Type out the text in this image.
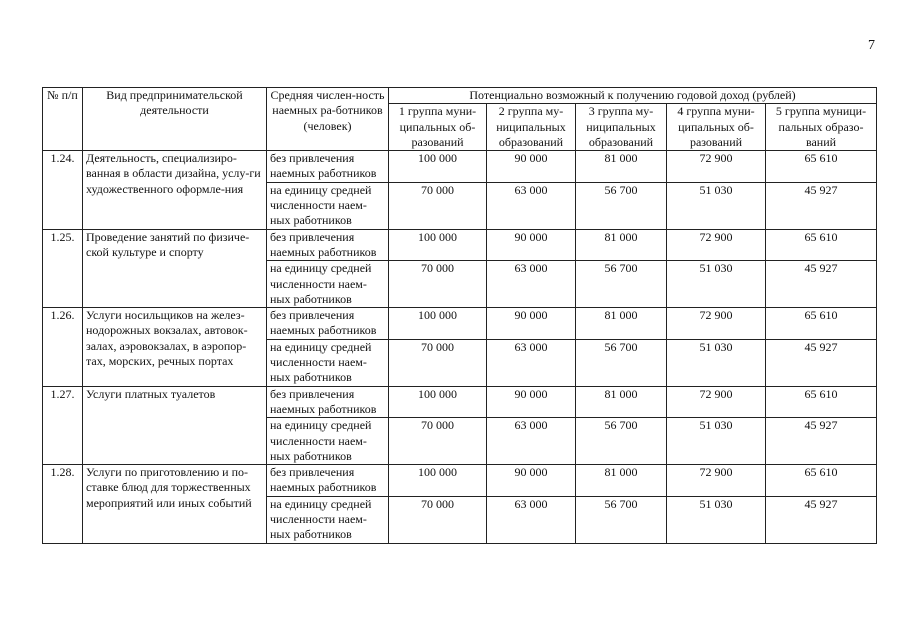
7
№ п/п	Вид предпринимательской деятельности	Средняя числен-ность наемных ра-ботников (человек)	Потенциально возможный к получению годовой доход (рублей)				
			1 группа муни-ципальных об-разований	2 группа му-ниципальных образований	3 группа му-ниципальных образований	4 группа муни-ципальных об-разований	5 группа муници-пальных образо-ваний
1.24.	Деятельность, специализиро-ванная в области дизайна, услу-ги художественного оформле-ния	без привлечения наемных работников	100 000	90 000	81 000	72 900	65 610
		на единицу средней численности наем-ных работников	70 000	63 000	56 700	51 030	45 927
1.25.	Проведение занятий по физиче-ской культуре и спорту	без привлечения наемных работников	100 000	90 000	81 000	72 900	65 610
		на единицу средней численности наем-ных работников	70 000	63 000	56 700	51 030	45 927
1.26.	Услуги носильщиков на желез-нодорожных вокзалах, автовок-залах, аэровокзалах, в аэропор-тах, морских, речных портах	без привлечения наемных работников	100 000	90 000	81 000	72 900	65 610
		на единицу средней численности наем-ных работников	70 000	63 000	56 700	51 030	45 927
1.27.	Услуги платных туалетов	без привлечения наемных работников	100 000	90 000	81 000	72 900	65 610
		на единицу средней численности наем-ных работников	70 000	63 000	56 700	51 030	45 927
1.28.	Услуги по приготовлению и по-ставке блюд для торжественных мероприятий или иных событий	без привлечения наемных работников	100 000	90 000	81 000	72 900	65 610
		на единицу средней численности наем-ных работников	70 000	63 000	56 700	51 030	45 927
